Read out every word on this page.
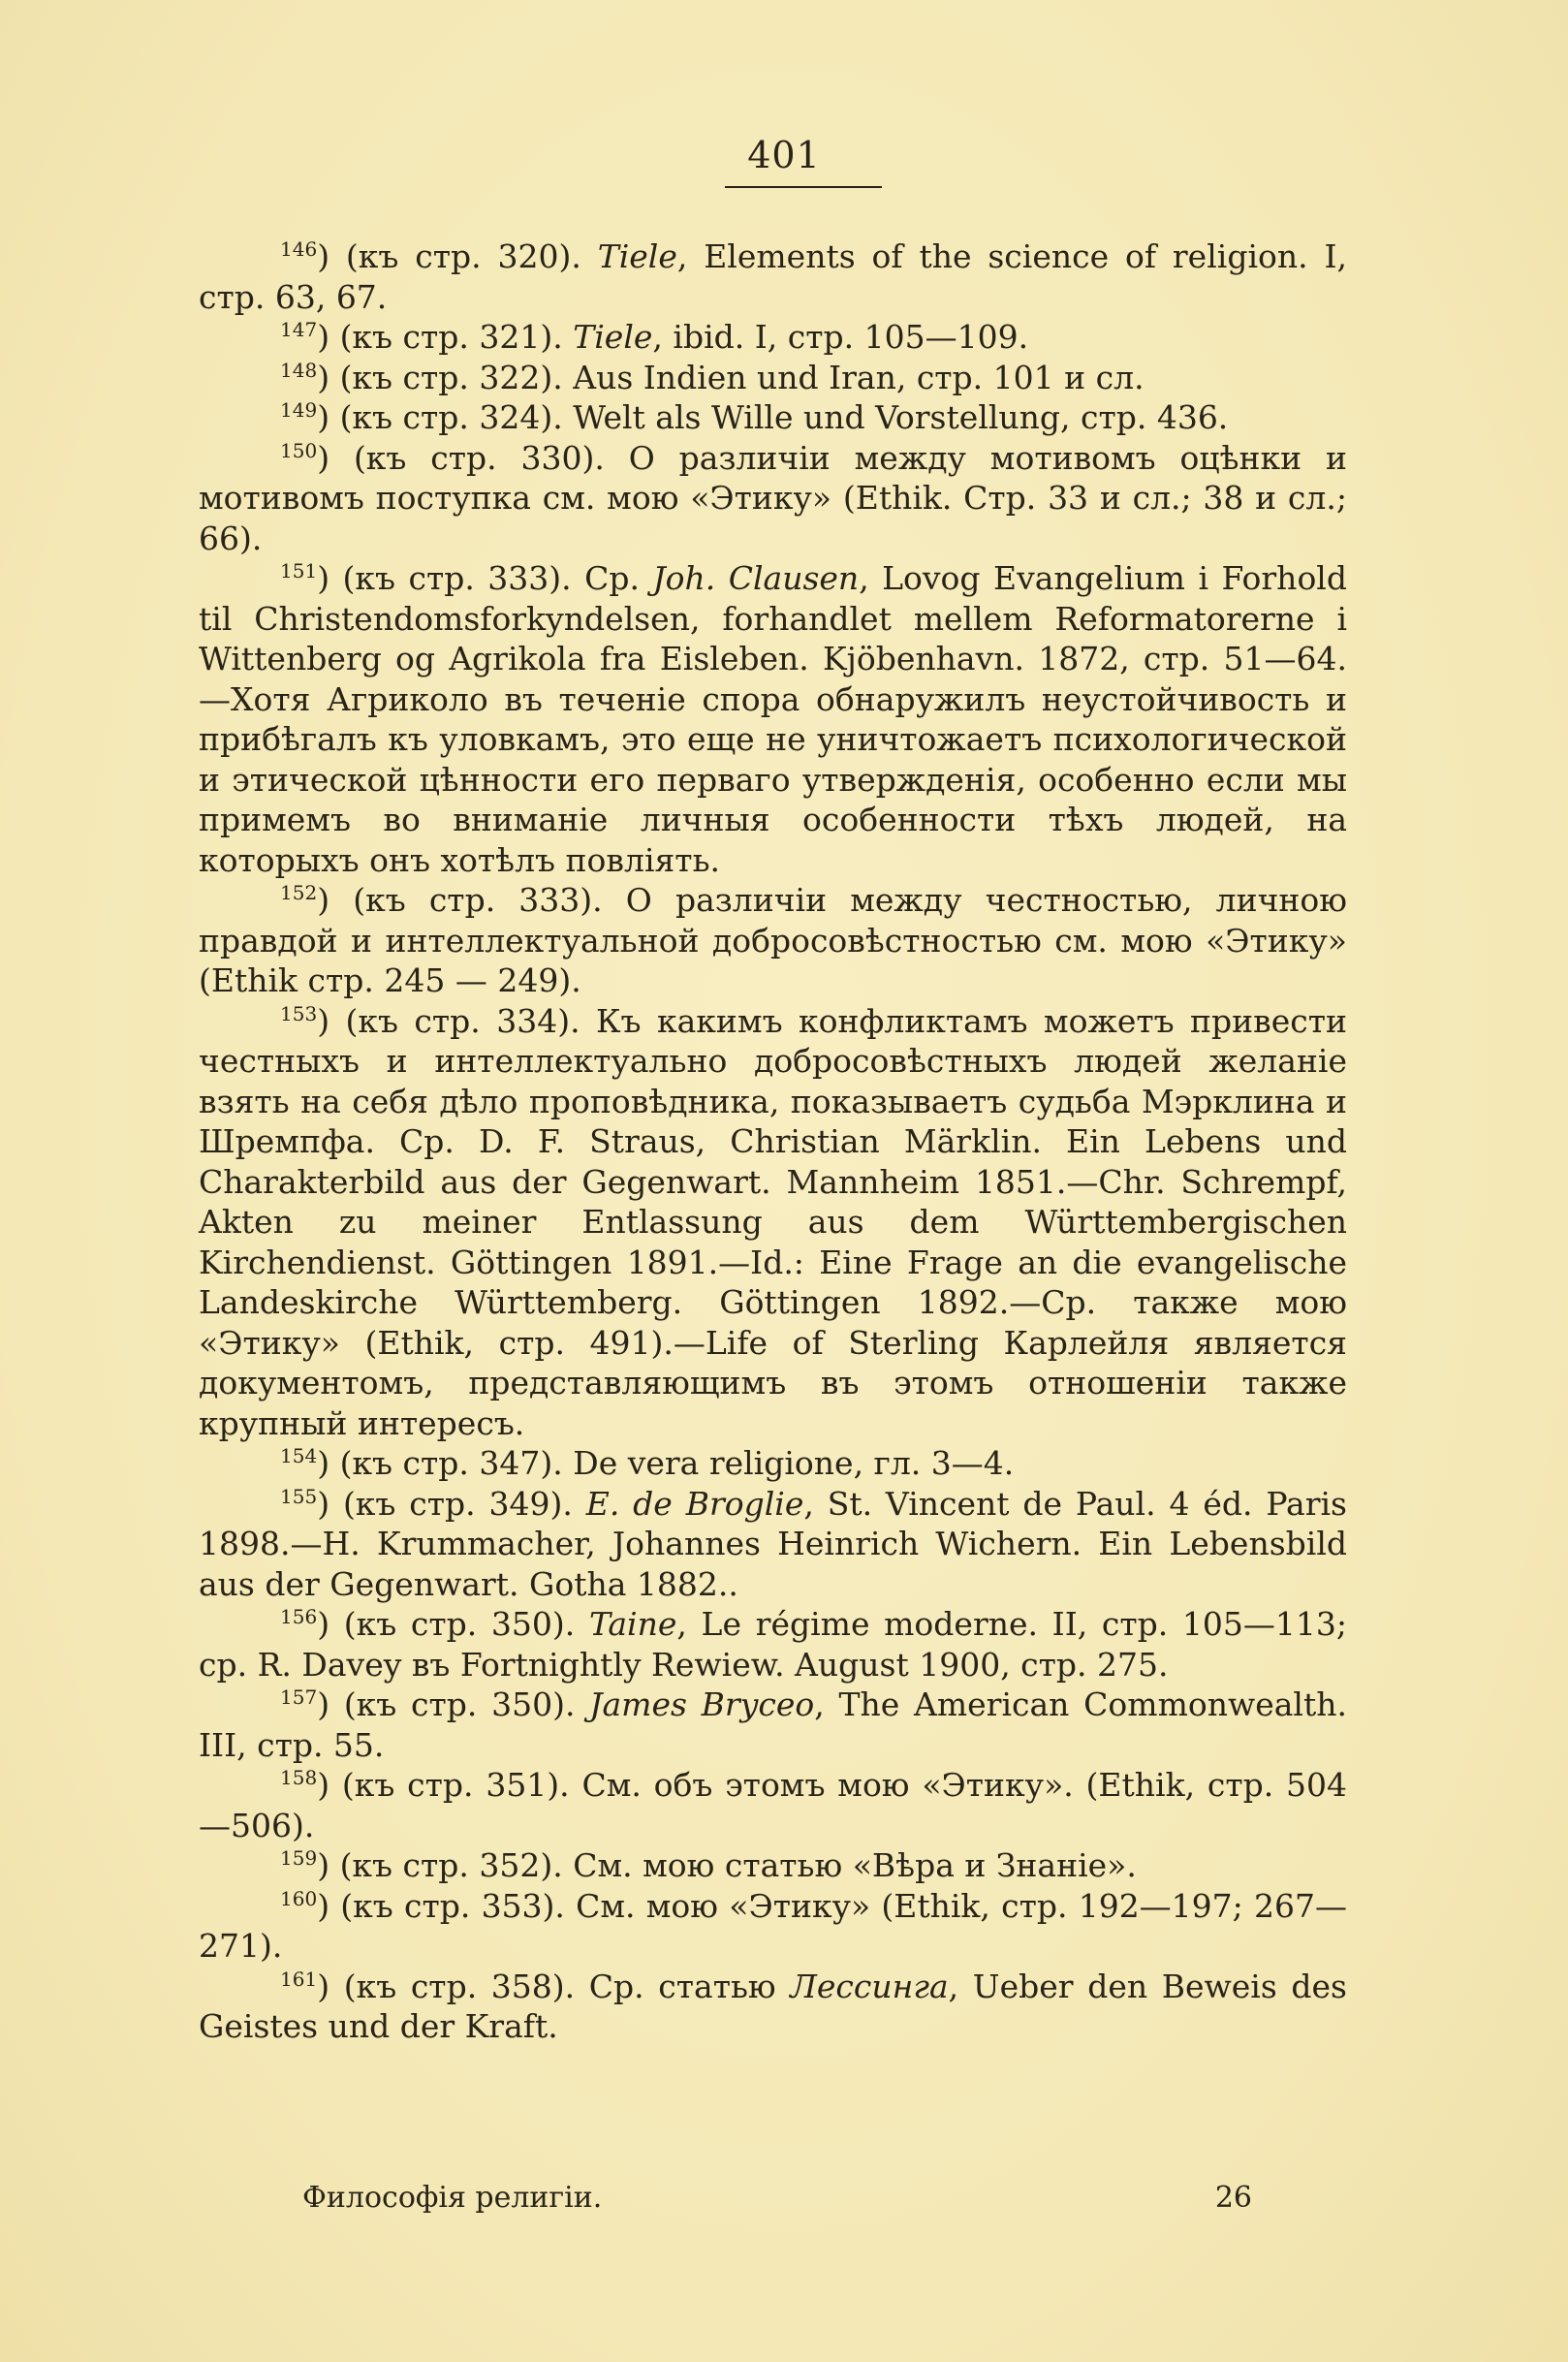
401

$^{146}$) (къ стр. 320). Tiele, Elements of the science of religion. I, стр. 63, 67.

$^{147}$) (къ стр. 321). Tiele, ibid. I, стр. 105—109.

$^{148}$) (къ стр. 322). Aus Indien und Iran, стр. 101 и сл.

$^{149}$) (къ стр. 324). Welt als Wille und Vorstellung, стр. 436.

$^{150}$) (къ стр. 330). О различіи между мотивомъ оцѣнки и мотивомъ поступка см. мою «Этику» (Ethik. Стр. 33 и сл.; 38 и сл.; 66).

$^{151}$) (къ стр. 333). Ср. Joh. Clausen, Lovog Evangelium i Forhold til Christendomsforkyndelsen, forhandlet mellem Reformatorerne i Wittenberg og Agrikola fra Eisleben. Kjöbenhavn. 1872, стр. 51—64.—Хотя Агриколо въ теченіе спора обнаружилъ неустойчивость и прибѣгалъ къ уловкамъ, это еще не уничтожаетъ психологической и этической цѣнности его перваго утвержденія, особенно если мы примемъ во вниманіе личныя особенности тѣхъ людей, на которыхъ онъ хотѣлъ повліять.

$^{152}$) (къ стр. 333). О различіи между честностью, личною правдой и интеллектуальной добросовѣстностью см. мою «Этику» (Ethik стр. 245 — 249).

$^{153}$) (къ стр. 334). Къ какимъ конфликтамъ можетъ привести честныхъ и интеллектуально добросовѣстныхъ людей желаніе взять на себя дѣло проповѣдника, показываетъ судьба Мэрклина и Шремпфа. Ср. D. F. Straus, Christian Märklin. Ein Lebens und Charakterbild aus der Gegenwart. Mannheim 1851.—Chr. Schrempf, Akten zu meiner Entlassung aus dem Württembergischen Kirchendienst. Göttingen 1891.—Id.: Eine Frage an die evangelische Landeskirche Württemberg. Göttingen 1892.—Ср. также мою «Этику» (Ethik, стр. 491).—Life of Sterling Карлейля является документомъ, представляющимъ въ этомъ отношеніи также крупный интересъ.

$^{154}$) (къ стр. 347). De vera religione, гл. 3—4.

$^{155}$) (къ стр. 349). E. de Broglie, St. Vincent de Paul. 4 éd. Paris 1898.—H. Krummacher, Johannes Heinrich Wichern. Ein Lebensbild aus der Gegenwart. Gotha 1882..

$^{156}$) (къ стр. 350). Taine, Le régime moderne. II, стр. 105—113; ср. R. Davey въ Fortnightly Rewiew. August 1900, стр. 275.

$^{157}$) (къ стр. 350). James Bryceo, The American Commonwealth. III, стр. 55.

$^{158}$) (къ стр. 351). См. объ этомъ мою «Этику». (Ethik, стр. 504—506).

$^{159}$) (къ стр. 352). См. мою статью «Вѣра и Знаніе».

$^{160}$) (къ стр. 353). См. мою «Этику» (Ethik, стр. 192—197; 267—271).

$^{161}$) (къ стр. 358). Ср. статью Лессинга, Ueber den Beweis des Geistes und der Kraft.

Философія религіи.	26
